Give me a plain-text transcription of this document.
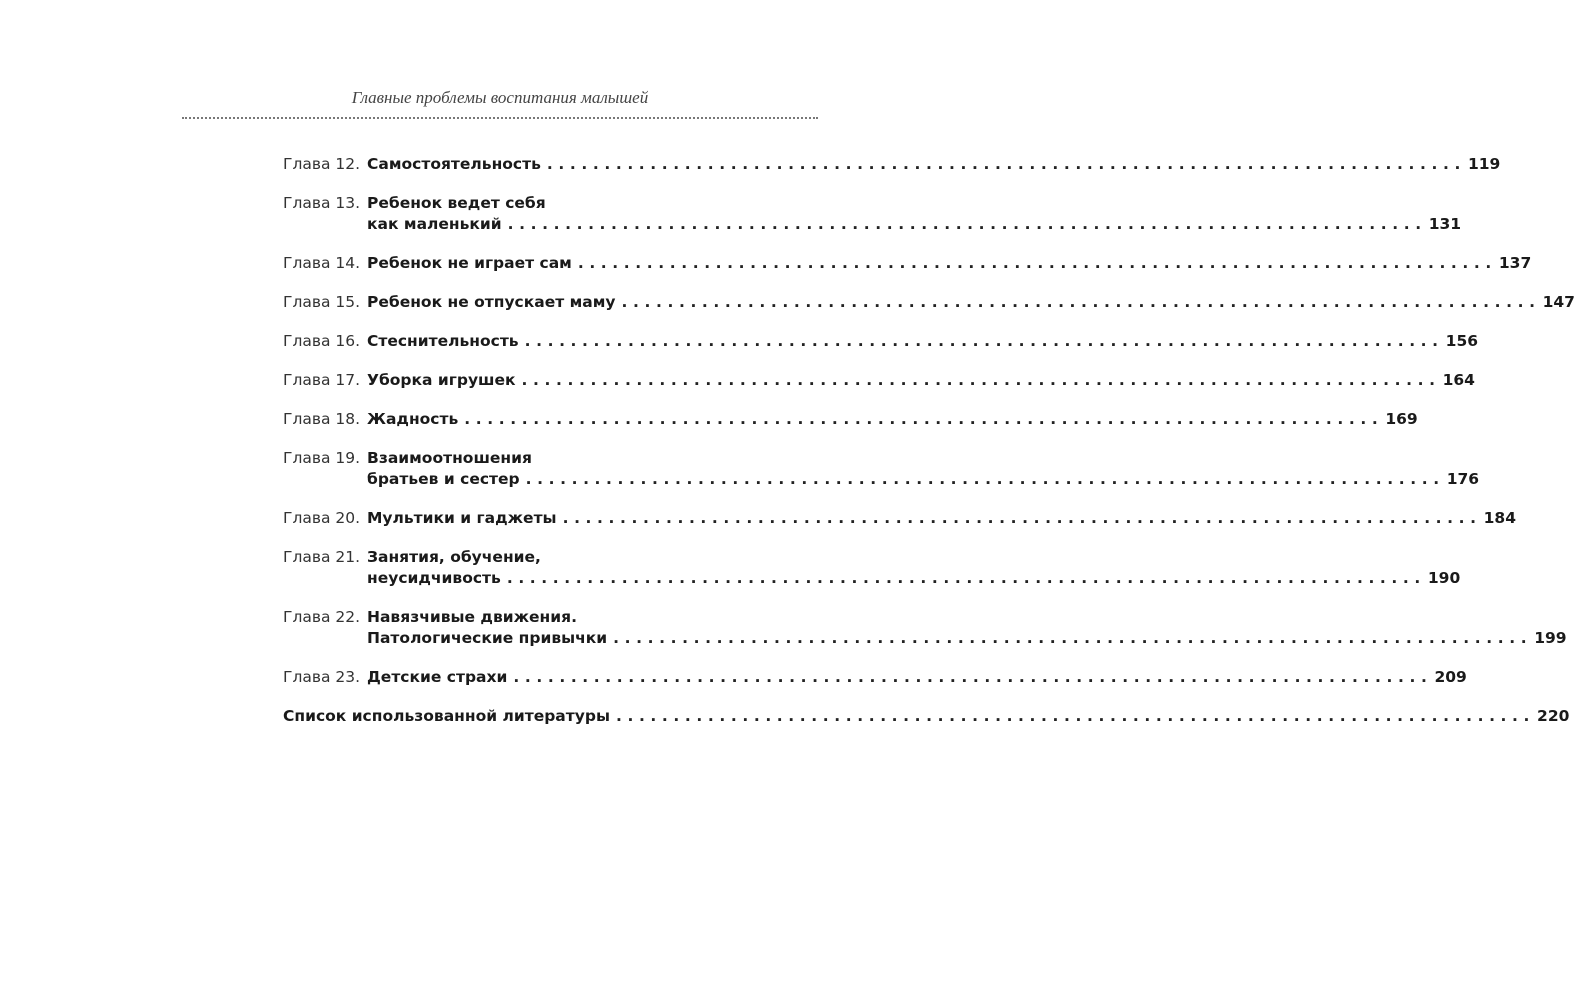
Главные проблемы воспитания малышей
Глава 12. Самостоятельность ................................................................................ 119
Глава 13. Ребенок ведет себя
как маленький ................................................................................ 131
Глава 14. Ребенок не играет сам ................................................................................ 137
Глава 15. Ребенок не отпускает маму ................................................................................ 147
Глава 16. Стеснительность ................................................................................ 156
Глава 17. Уборка игрушек ................................................................................ 164
Глава 18. Жадность ................................................................................ 169
Глава 19. Взаимоотношения
братьев и сестер ................................................................................ 176
Глава 20. Мультики и гаджеты ................................................................................ 184
Глава 21. Занятия, обучение,
неусидчивость ................................................................................ 190
Глава 22. Навязчивые движения.
Патологические привычки ................................................................................ 199
Глава 23. Детские страхи ................................................................................ 209
Список использованной литературы ................................................................................ 220
